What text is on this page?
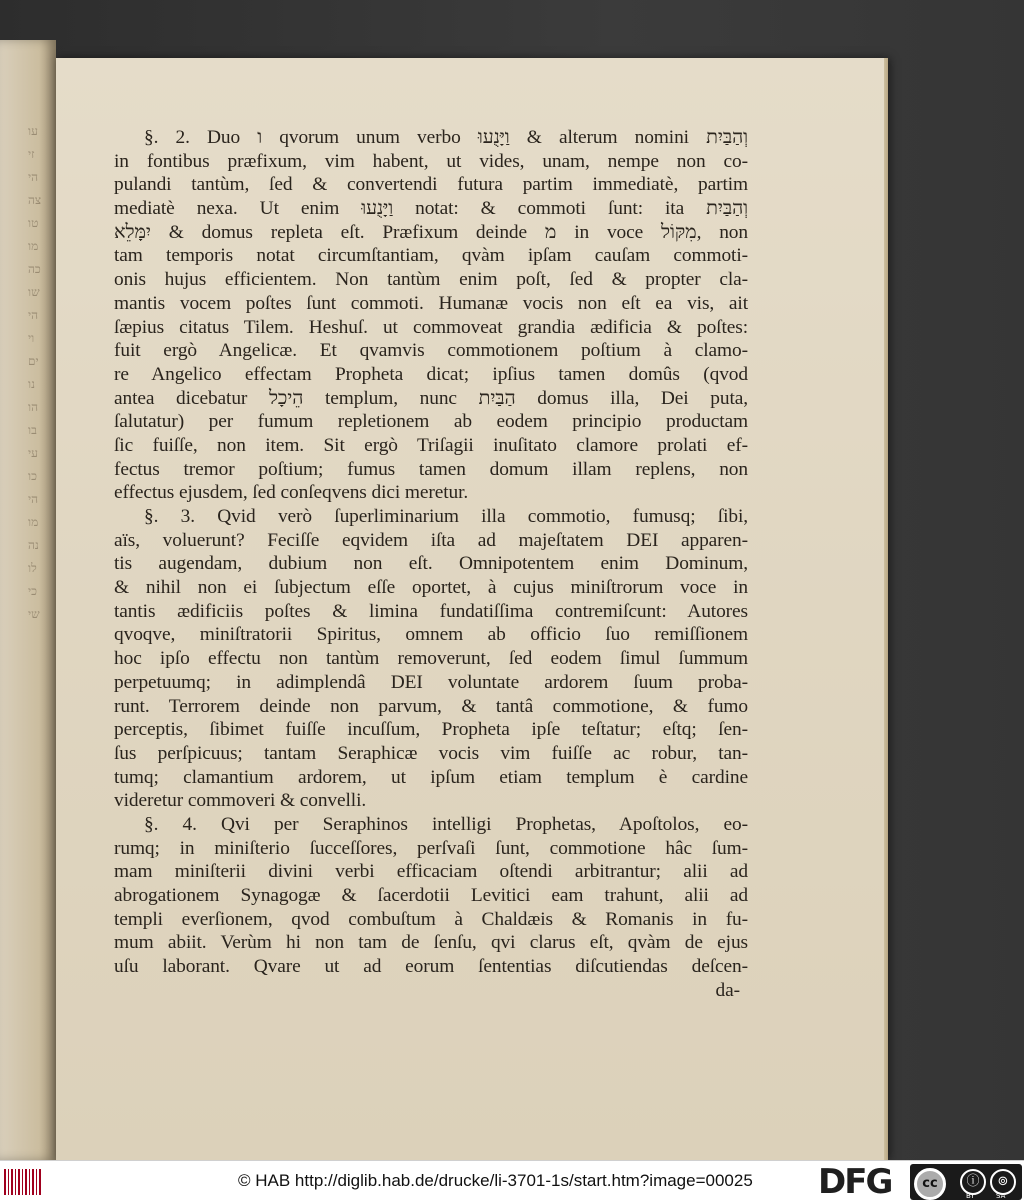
עו
זי
הי
צה
טו
מו
כה
שו
הי
וי
ים
נו
הו
בו
עי
כו
הי
מו
נה
לו
כי
שי
§. 2. Duo ו qvorum unum verbo וַיָּנֻעוּ & alterum nomini וְהַבַּיִת
in fontibus præfixum, vim habent, ut vides, unam, nempe non co-
pulandi tantùm, ſed & convertendi futura partim immediatè, partim
mediatè nexa. Ut enim וַיָּנֻעוּ notat: & commoti ſunt: ita וְהַבַּיִת
יִמָּלֵא & domus repleta eſt. Præfixum deinde מ in voce מִקּוֹל, non
tam temporis notat circumſtantiam, qvàm ipſam cauſam commoti-
onis hujus efficientem. Non tantùm enim poſt, ſed & propter cla-
mantis vocem poſtes ſunt commoti. Humanæ vocis non eſt ea vis, ait
ſæpius citatus Tilem. Heshuſ. ut commoveat grandia ædificia & poſtes:
fuit ergò Angelicæ. Et qvamvis commotionem poſtium à clamo-
re Angelico effectam Propheta dicat; ipſius tamen domûs (qvod
antea dicebatur הֵיכָל templum, nunc הַבַּיִת domus illa, Dei puta,
ſalutatur) per fumum repletionem ab eodem principio productam
ſic fuiſſe, non item. Sit ergò Triſagii inuſitato clamore prolati ef-
fectus tremor poſtium; fumus tamen domum illam replens, non
effectus ejusdem, ſed conſeqvens dici meretur.
§. 3. Qvid verò ſuperliminarium illa commotio, fumusq; ſibi,
aïs, voluerunt? Feciſſe eqvidem iſta ad majeſtatem DEI apparen-
tis augendam, dubium non eſt. Omnipotentem enim Dominum,
& nihil non ei ſubjectum eſſe oportet, à cujus miniſtrorum voce in
tantis ædificiis poſtes & limina fundatiſſima contremiſcunt: Autores
qvoqve, miniſtratorii Spiritus, omnem ab officio ſuo remiſſionem
hoc ipſo effectu non tantùm removerunt, ſed eodem ſimul ſummum
perpetuumq; in adimplendâ DEI voluntate ardorem ſuum proba-
runt. Terrorem deinde non parvum, & tantâ commotione, & fumo
perceptis, ſibimet fuiſſe incuſſum, Propheta ipſe teſtatur; eſtq; ſen-
ſus perſpicuus; tantam Seraphicæ vocis vim fuiſſe ac robur, tan-
tumq; clamantium ardorem, ut ipſum etiam templum è cardine
videretur commoveri & convelli.
§. 4. Qvi per Seraphinos intelligi Prophetas, Apoſtolos, eo-
rumq; in miniſterio ſucceſſores, perſvaſi ſunt, commotione hâc ſum-
mam miniſterii divini verbi efficaciam oſtendi arbitrantur; alii ad
abrogationem Synagogæ & ſacerdotii Levitici eam trahunt, alii ad
templi everſionem, qvod combuſtum à Chaldæis & Romanis in fu-
mum abiit. Verùm hi non tam de ſenſu, qvi clarus eſt, qvàm de ejus
uſu laborant. Qvare ut ad eorum ſententias diſcutiendas deſcen-
da-
© HAB http://diglib.hab.de/drucke/li-3701-1s/start.htm?image=00025 DFG	cc	ⓘ	⊚
BY	SA
